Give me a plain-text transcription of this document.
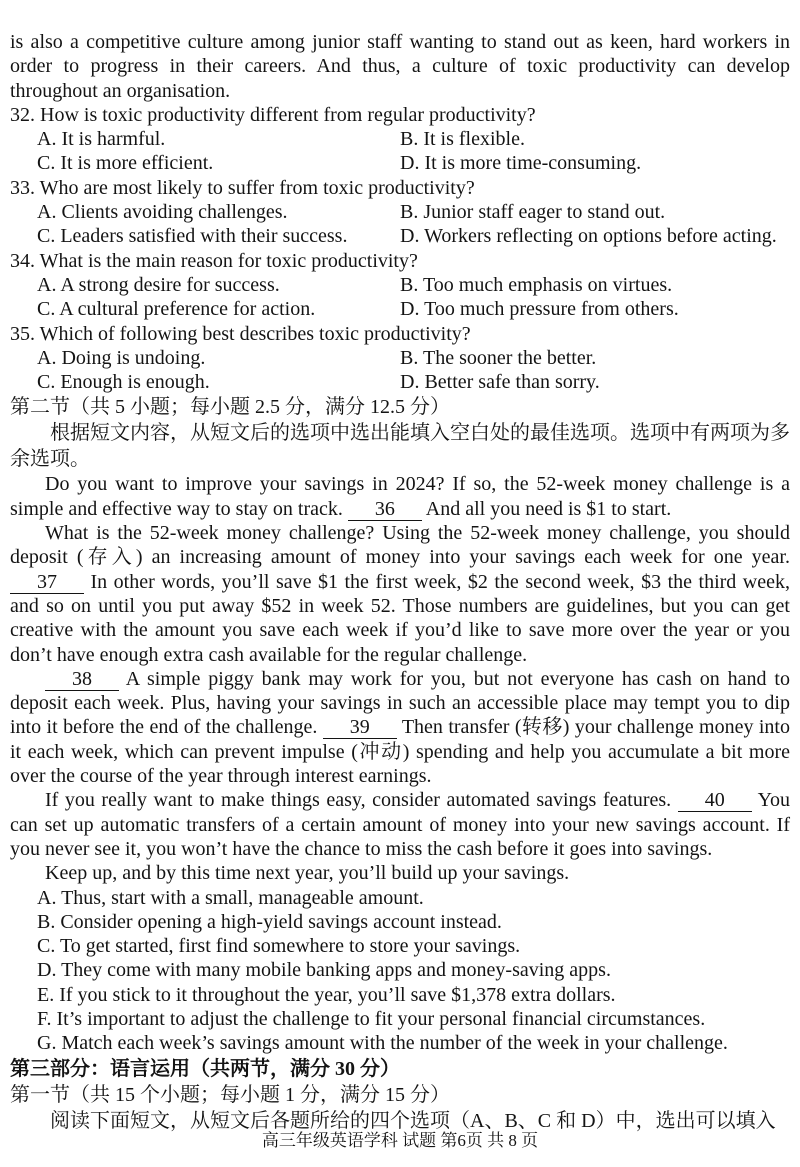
is also a competitive culture among junior staff wanting to stand out as keen, hard workers in order to progress in their careers. And thus, a culture of toxic productivity can develop throughout an organisation.
32. How is toxic productivity different from regular productivity?
A. It is harmful.	B. It is flexible.
C. It is more efficient.	D. It is more time-consuming.
33. Who are most likely to suffer from toxic productivity?
A. Clients avoiding challenges.	B. Junior staff eager to stand out.
C. Leaders satisfied with their success.	D. Workers reflecting on options before acting.
34. What is the main reason for toxic productivity?
A. A strong desire for success.	B. Too much emphasis on virtues.
C. A cultural preference for action.	D. Too much pressure from others.
35. Which of following best describes toxic productivity?
A. Doing is undoing.	B. The sooner the better.
C. Enough is enough.	D. Better safe than sorry.
第二节（共 5 小题；每小题 2.5 分，满分 12.5 分）
根据短文内容，从短文后的选项中选出能填入空白处的最佳选项。选项中有两项为多余选项。
Do you want to improve your savings in 2024? If so, the 52-week money challenge is a simple and effective way to stay on track. 36 And all you need is $1 to start.
What is the 52-week money challenge? Using the 52-week money challenge, you should deposit (存入) an increasing amount of money into your savings each week for one year. 37 In other words, you’ll save $1 the first week, $2 the second week, $3 the third week, and so on until you put away $52 in week 52. Those numbers are guidelines, but you can get creative with the amount you save each week if you’d like to save more over the year or you don’t have enough extra cash available for the regular challenge.
38 A simple piggy bank may work for you, but not everyone has cash on hand to deposit each week. Plus, having your savings in such an accessible place may tempt you to dip into it before the end of the challenge. 39 Then transfer (转移) your challenge money into it each week, which can prevent impulse (冲动) spending and help you accumulate a bit more over the course of the year through interest earnings.
If you really want to make things easy, consider automated savings features. 40 You can set up automatic transfers of a certain amount of money into your new savings account. If you never see it, you won’t have the chance to miss the cash before it goes into savings.
Keep up, and by this time next year, you’ll build up your savings.
A. Thus, start with a small, manageable amount.
B. Consider opening a high-yield savings account instead.
C. To get started, first find somewhere to store your savings.
D. They come with many mobile banking apps and money-saving apps.
E. If you stick to it throughout the year, you’ll save $1,378 extra dollars.
F. It’s important to adjust the challenge to fit your personal financial circumstances.
G. Match each week’s savings amount with the number of the week in your challenge.
第三部分：语言运用（共两节，满分 30 分）
第一节（共 15 个小题；每小题 1 分，满分 15 分）
阅读下面短文，从短文后各题所给的四个选项（A、B、C 和 D）中，选出可以填入
高三年级英语学科 试题 第6页 共 8 页
